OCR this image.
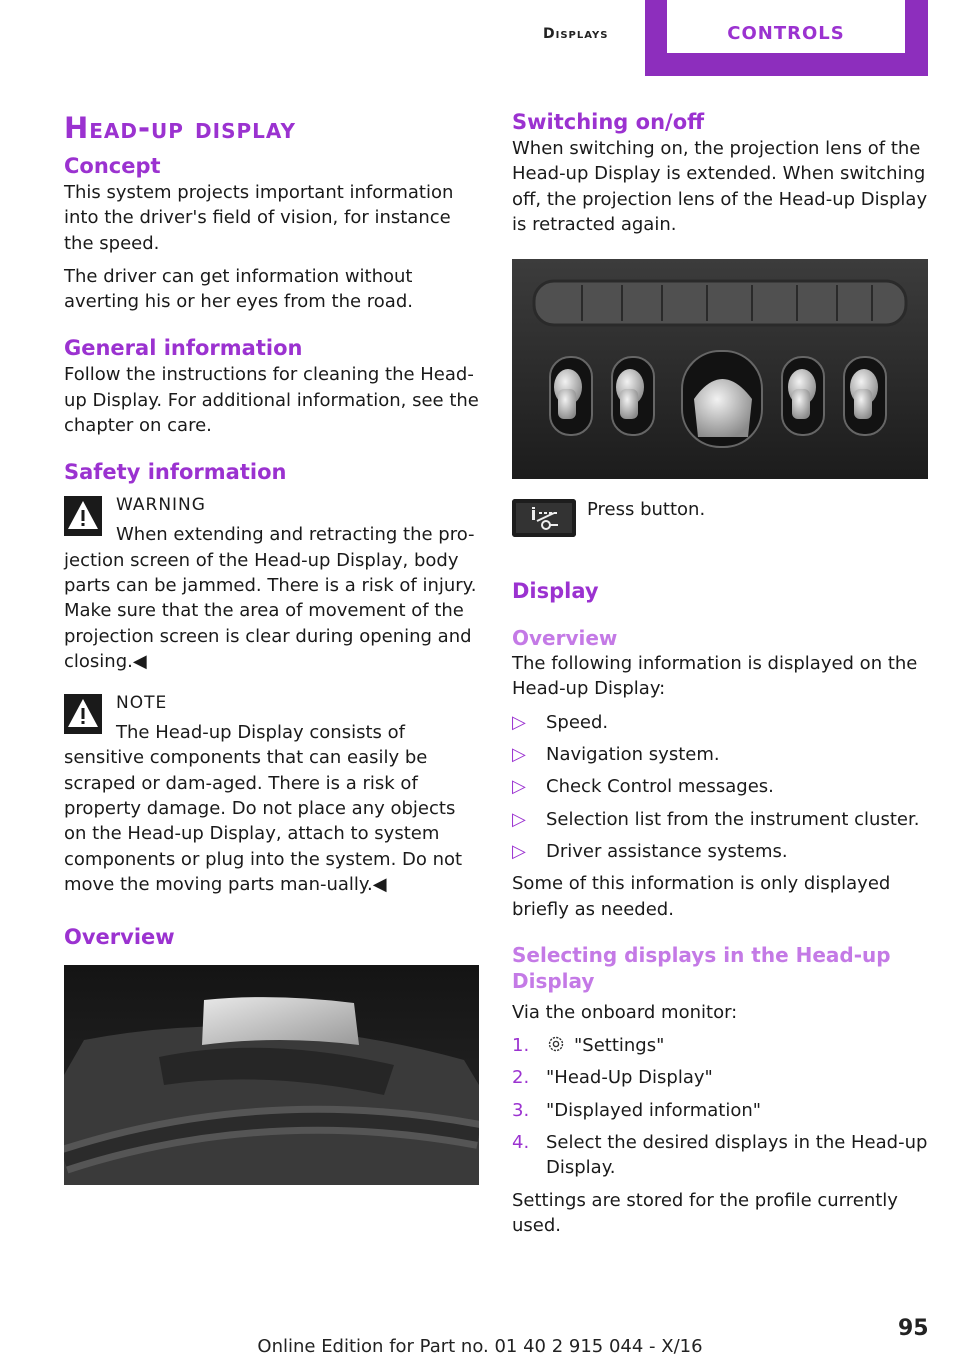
Displays	CONTROLS
Head-up display
Concept

This system projects important information into the driver's field of vision, for instance the speed.

The driver can get information without averting his or her eyes from the road.

General information

Follow the instructions for cleaning the Head-up Display. For additional information, see the chapter on care.

Safety information
WARNING

When extending and retracting the pro-jection screen of the Head-up Display, body parts can be jammed. There is a risk of injury. Make sure that the area of movement of the projection screen is clear during opening and closing.◀

NOTE

The Head-up Display consists of sensitive components that can easily be scraped or dam-aged. There is a risk of property damage. Do not place any objects on the Head-up Display, attach to system components or plug into the system. Do not move the moving parts man-ually.◀

Overview
Switching on/off

When switching on, the projection lens of the Head-up Display is extended. When switching off, the projection lens of the Head-up Display is retracted again.

Press button.
Display
Overview

The following information is displayed on the Head-up Display:

▷ Speed.
▷ Navigation system.
▷ Check Control messages.
▷ Selection list from the instrument cluster.
▷ Driver assistance systems.

Some of this information is only displayed briefly as needed.

Selecting displays in the Head-up Display

Via the onboard monitor:

1. "Settings"
2. "Head-Up Display"
3. "Displayed information"
4. Select the desired displays in the Head-up Display.

Settings are stored for the profile currently used.

95
Online Edition for Part no. 01 40 2 915 044 - X/16
